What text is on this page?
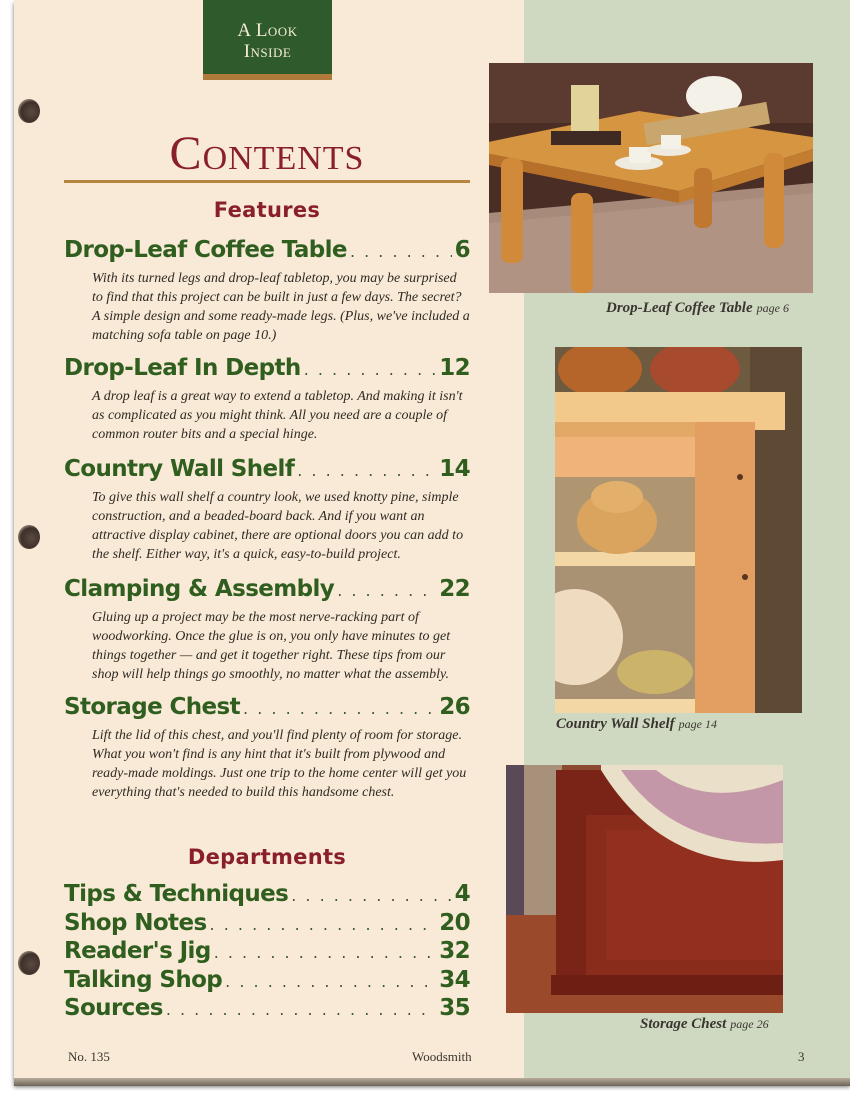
A Look
Inside
Contents
Features
Drop-Leaf Coffee Table . . .	6
With its turned legs and drop-leaf tabletop, you may be surprised to find that this project can be built in just a few days. The secret? A simple design and some ready-made legs. (Plus, we've included a matching sofa table on page 10.)
Drop-Leaf In Depth . . .	12
A drop leaf is a great way to extend a tabletop. And making it isn't as complicated as you might think. All you need are a couple of common router bits and a special hinge.
Country Wall Shelf . . .	14
To give this wall shelf a country look, we used knotty pine, simple construction, and a beaded-board back. And if you want an attractive display cabinet, there are optional doors you can add to the shelf. Either way, it's a quick, easy-to-build project.
Clamping & Assembly . . .	22
Gluing up a project may be the most nerve-racking part of woodworking. Once the glue is on, you only have minutes to get things together — and get it together right. These tips from our shop will help things go smoothly, no matter what the assembly.
Storage Chest . . .	26
Lift the lid of this chest, and you'll find plenty of room for storage. What you won't find is any hint that it's built from plywood and ready-made moldings. Just one trip to the home center will get you everything that's needed to build this handsome chest.
Departments
Tips & Techniques . . .	4
Shop Notes . . .	20
Reader's Jig . . .	32
Talking Shop . . .	34
Sources . . .	35
Drop-Leaf Coffee Table page 6
Country Wall Shelf page 14
Storage Chest page 26
No. 135	Woodsmith	3
